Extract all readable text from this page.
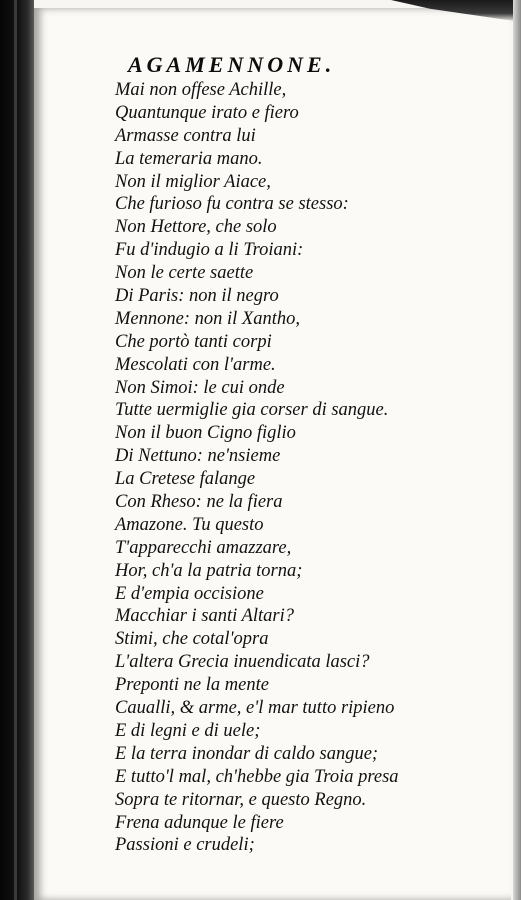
AGAMENNONE.
Mai non offese Achille,
Quantunque irato e fiero
Armasse contra lui
La temeraria mano.
Non il miglior Aiace,
Che furioso fu contra se stesso:
Non Hettore, che solo
Fu d'indugio a li Troiani:
Non le certe saette
Di Paris: non il negro
Mennone: non il Xantho,
Che portò tanti corpi
Mescolati con l'arme.
Non Simoi: le cui onde
Tutte uermiglie gia corser di sangue.
Non il buon Cigno figlio
Di Nettuno: ne'nsieme
La Cretese falange
Con Rheso: ne la fiera
Amazone. Tu questo
T'apparecchi amazzare,
Hor, ch'a la patria torna;
E d'empia occisione
Macchiar i santi Altari?
Stimi, che cotal'opra
L'altera Grecia inuendicata lasci?
Preponti ne la mente
Caualli, & arme, e'l mar tutto ripieno
E di legni e di uele;
E la terra inondar di caldo sangue;
E tutto'l mal, ch'hebbe gia Troia presa
Sopra te ritornar, e questo Regno.
Frena adunque le fiere
Passioni e crudeli;
